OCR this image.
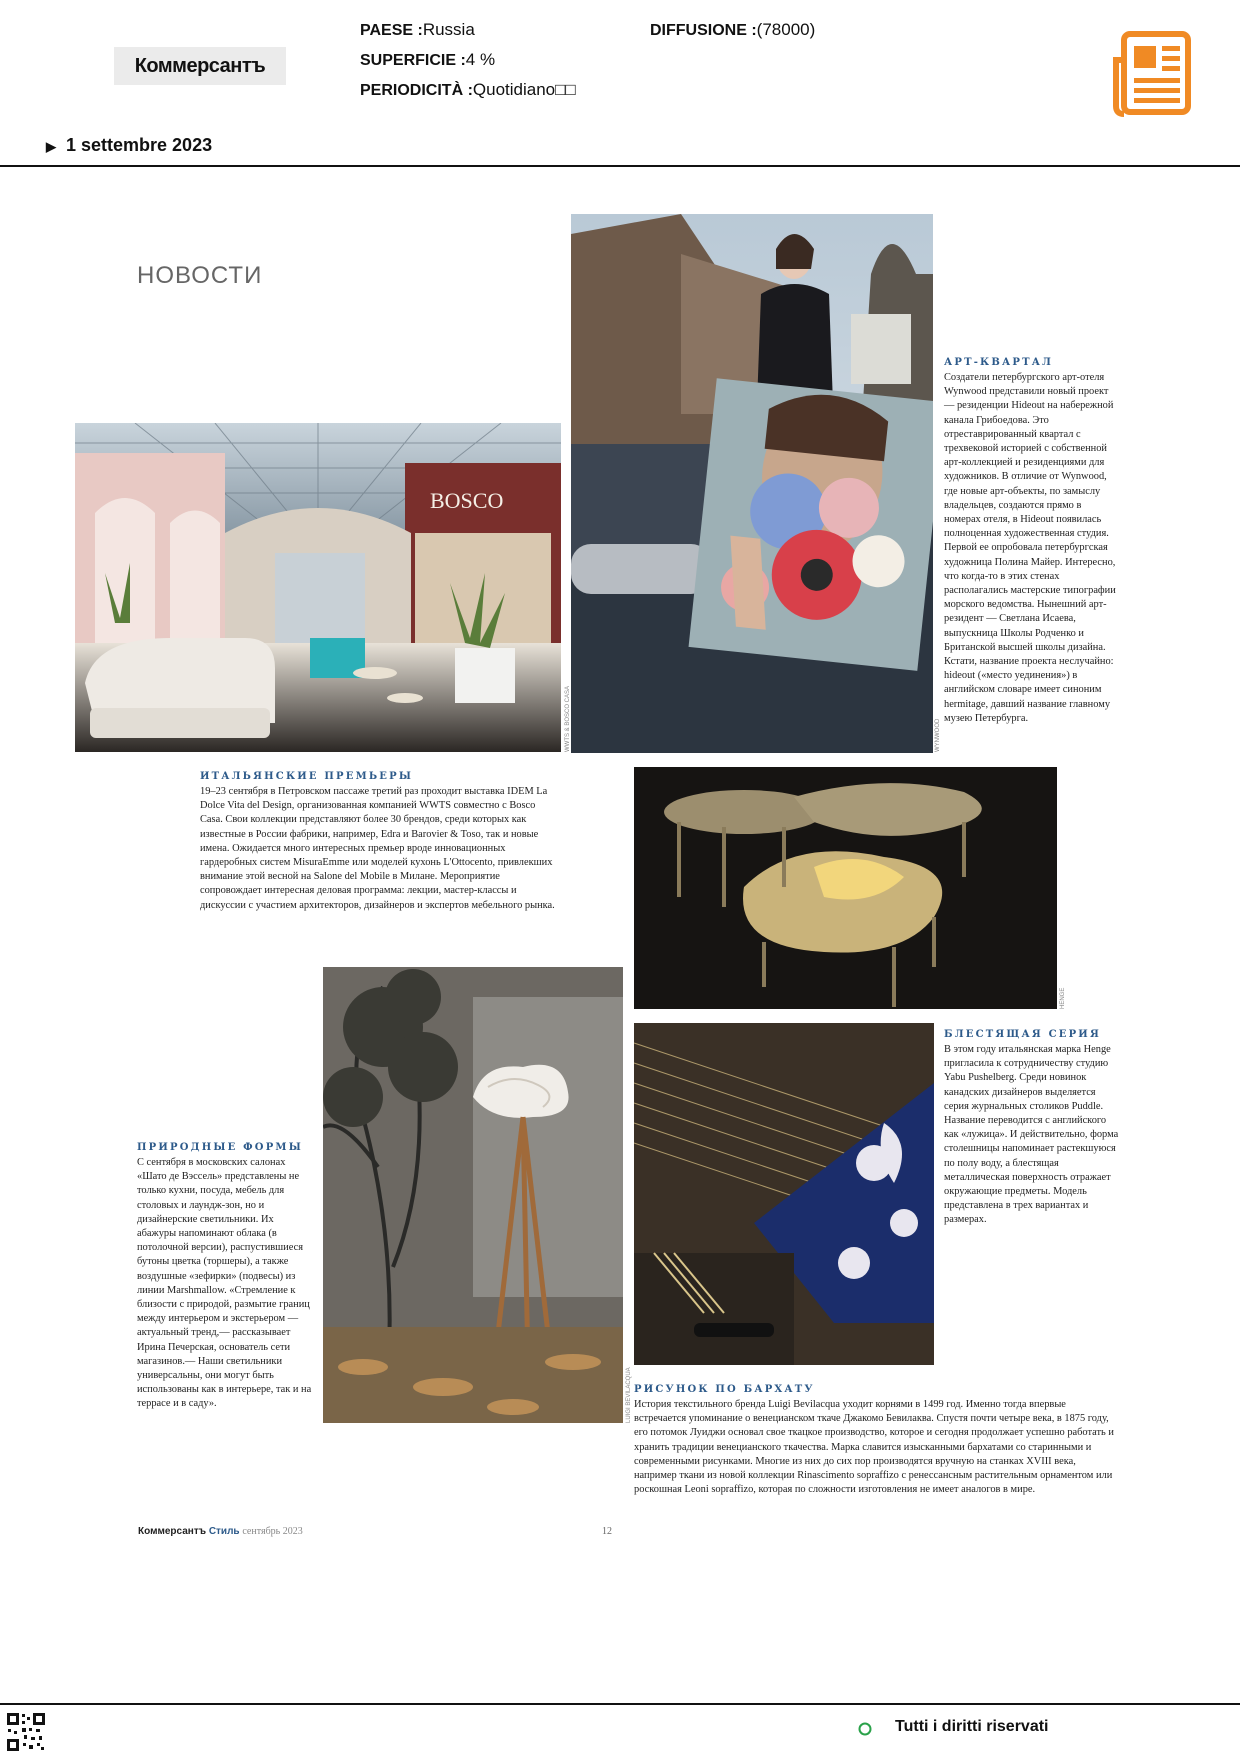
Коммерсантъ
PAESE :Russia
SUPERFICIE :4 %
PERIODICITÀ :Quotidiano□□
DIFFUSIONE :(78000)
▶ 1 settembre 2023
НОВОСТИ
BOSCO
WWTS & BOSCO CASA	WYNWOOD
АРТ-КВАРТАЛ
Создатели петербургского арт-отеля Wynwood представили новый проект — резиденции Hideout на набережной канала Грибоедова. Это отреставрированный квартал с трехвековой историей с собственной арт-коллекцией и резиденциями для художников. В отличие от Wynwood, где новые арт-объекты, по замыслу владельцев, создаются прямо в номерах отеля, в Hideout появилась полноценная художественная студия. Первой ее опробовала петербургская художница Полина Майер. Интересно, что когда-то в этих стенах располагались мастерские типографии морского ведомства. Нынешний арт-резидент — Светлана Исаева, выпускница Школы Родченко и Британской высшей школы дизайна. Кстати, название проекта неслучайно: hideout («место уединения») в английском словаре имеет синоним hermitage, давший название главному музею Петербурга.
ИТАЛЬЯНСКИЕ ПРЕМЬЕРЫ
19–23 сентября в Петровском пассаже третий раз проходит выставка IDEM La Dolce Vita del Design, организованная компанией WWTS совместно с Bosco Casa. Свои коллекции представляют более 30 брендов, среди которых как известные в России фабрики, например, Edra и Barovier & Toso, так и новые имена. Ожидается много интересных премьер вроде инновационных гардеробных систем MisuraEmme или моделей кухонь L'Ottocento, привлекших внимание этой весной на Salone del Mobile в Милане. Мероприятие сопровождает интересная деловая программа: лекции, мастер-классы и дискуссии с участием архитекторов, дизайнеров и экспертов мебельного рынка.
HENGE
LUIGI BEVILACQUA
БЛЕСТЯЩАЯ СЕРИЯ
В этом году итальянская марка Henge пригласила к сотрудничеству студию Yabu Pushelberg. Среди новинок канадских дизайнеров выделяется серия журнальных столиков Puddle. Название переводится с английского как «лужица». И действительно, форма столешницы напоминает растекшуюся по полу воду, а блестящая металлическая поверхность отражает окружающие предметы. Модель представлена в трех вариантах и размерах.
ПРИРОДНЫЕ ФОРМЫ
С сентября в московских салонах «Шато де Вэссель» представлены не только кухни, посуда, мебель для столовых и лаундж-зон, но и дизайнерские светильники. Их абажуры напоминают облака (в потолочной версии), распустившиеся бутоны цветка (торшеры), а также воздушные «зефирки» (подвесы) из линии Marshmallow. «Стремление к близости с природой, размытие границ между интерьером и экстерьером — актуальный тренд,— рассказывает Ирина Печерская, основатель сети магазинов.— Наши светильники универсальны, они могут быть использованы как в интерьере, так и на террасе и в саду».
РИСУНОК ПО БАРХАТУ
История текстильного бренда Luigi Bevilacqua уходит корнями в 1499 год. Именно тогда впервые встречается упоминание о венецианском ткаче Джакомо Бевилаква. Спустя почти четыре века, в 1875 году, его потомок Луиджи основал свое ткацкое производство, которое и сегодня продолжает успешно работать и хранить традиции венецианского ткачества. Марка славится изысканными бархатами со старинными и современными рисунками. Многие из них до сих пор производятся вручную на станках XVIII века, например ткани из новой коллекции Rinascimento sopraffizo с ренессансным растительным орнаментом или роскошная Leoni sopraffizo, которая по сложности изготовления не имеет аналогов в мире.
Коммерсантъ Стиль сентябрь 2023	12
Tutti i diritti riservati
